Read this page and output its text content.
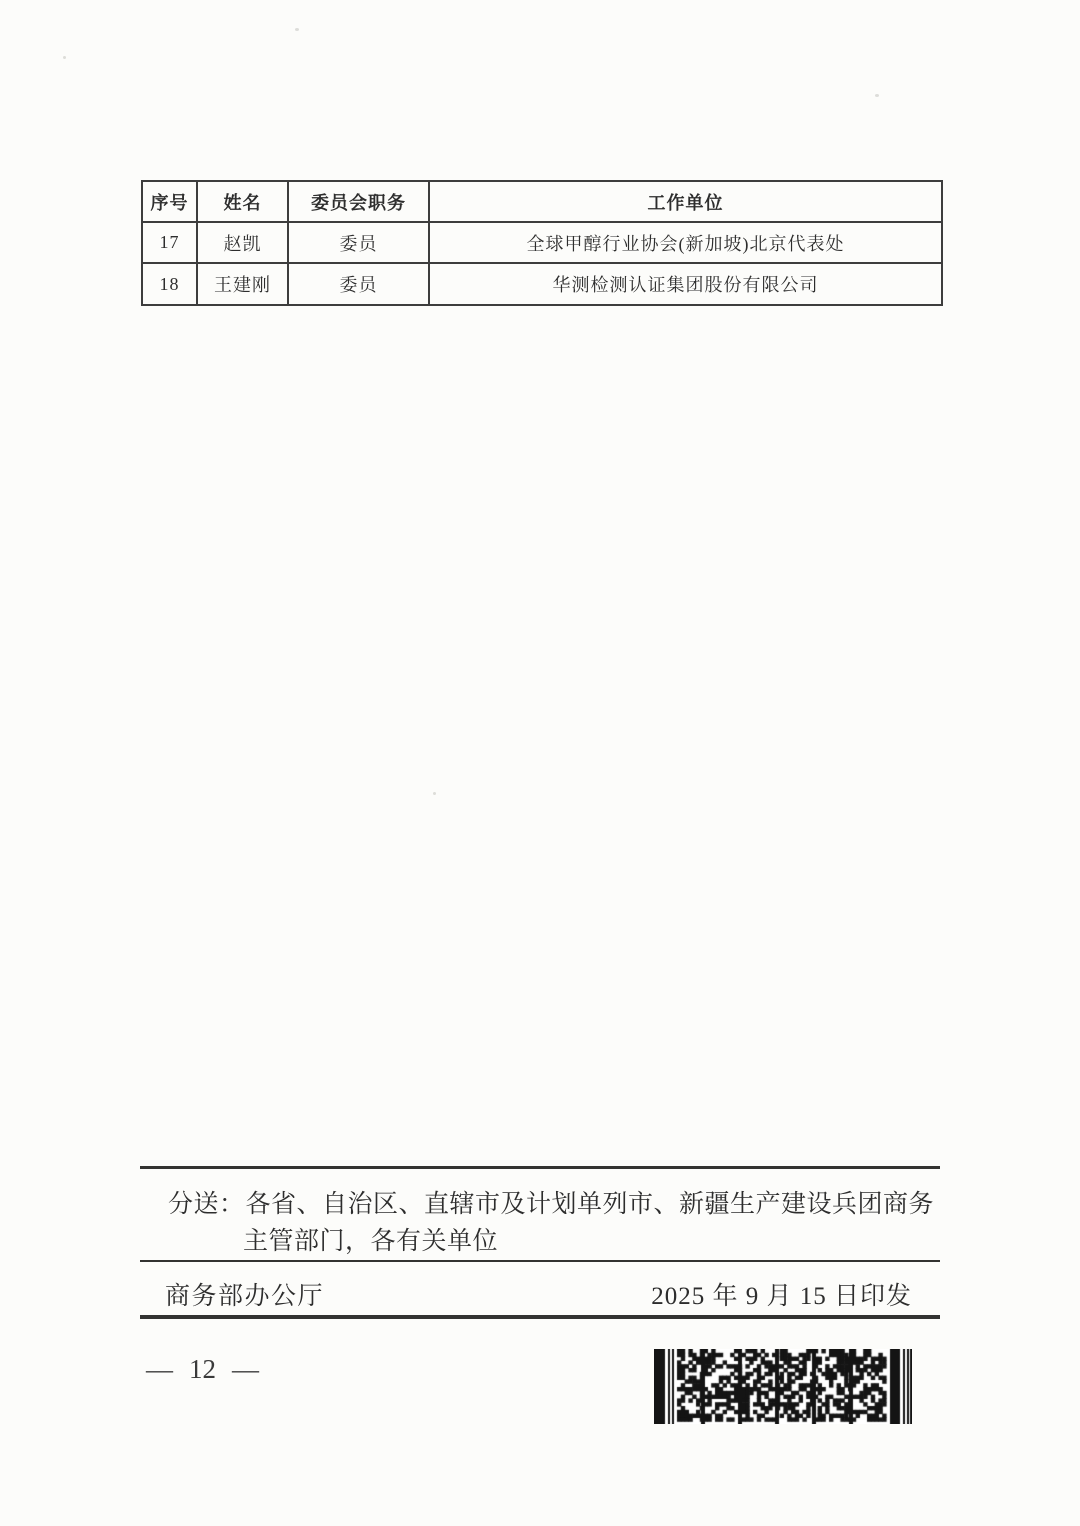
序号	姓名	委员会职务	工作单位
17	赵凯	委员	全球甲醇行业协会(新加坡)北京代表处
18	王建刚	委员	华测检测认证集团股份有限公司
分送：各省、自治区、直辖市及计划单列市、新疆生产建设兵团商务
主管部门，各有关单位
商务部办公厅	2025 年 9 月 15 日印发
— 12 —
